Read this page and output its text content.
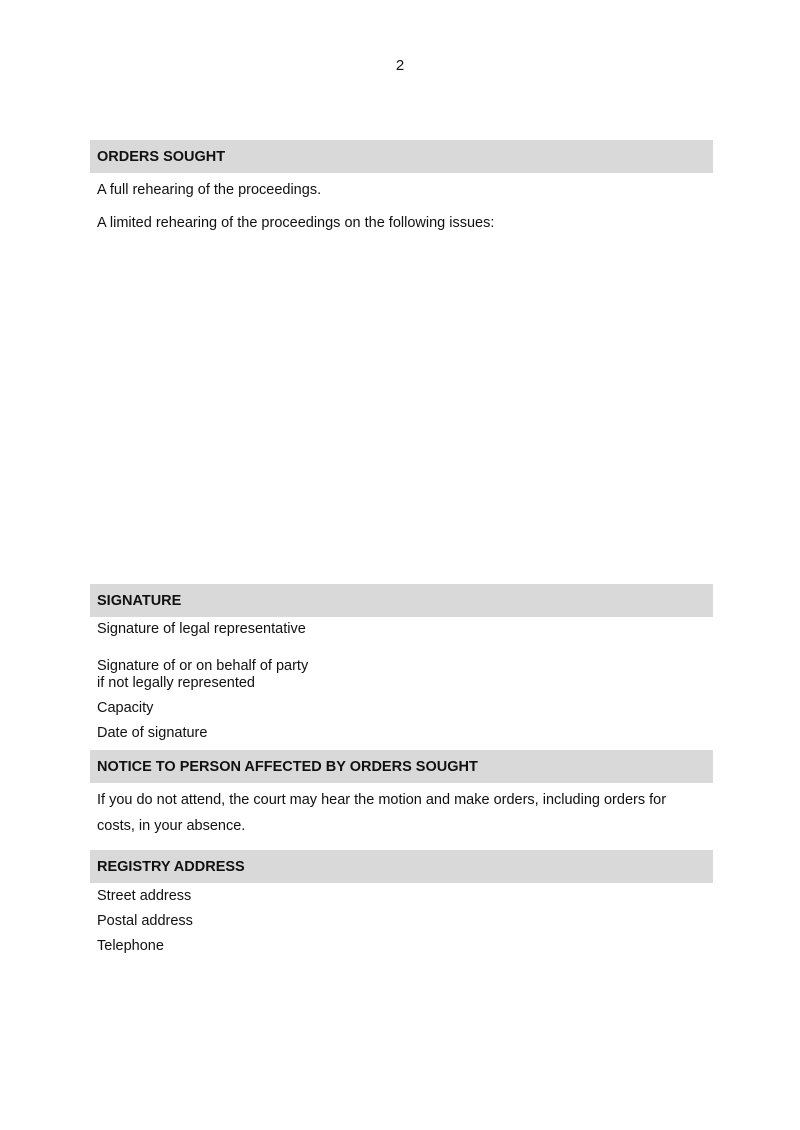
2
ORDERS SOUGHT
A full rehearing of the proceedings.
A limited rehearing of the proceedings on the following issues:
SIGNATURE
Signature of legal representative
Signature of or on behalf of party
if not legally represented
Capacity
Date of signature
NOTICE TO PERSON AFFECTED BY ORDERS SOUGHT
If you do not attend, the court may hear the motion and make orders, including orders for costs, in your absence.
REGISTRY ADDRESS
Street address
Postal address
Telephone
